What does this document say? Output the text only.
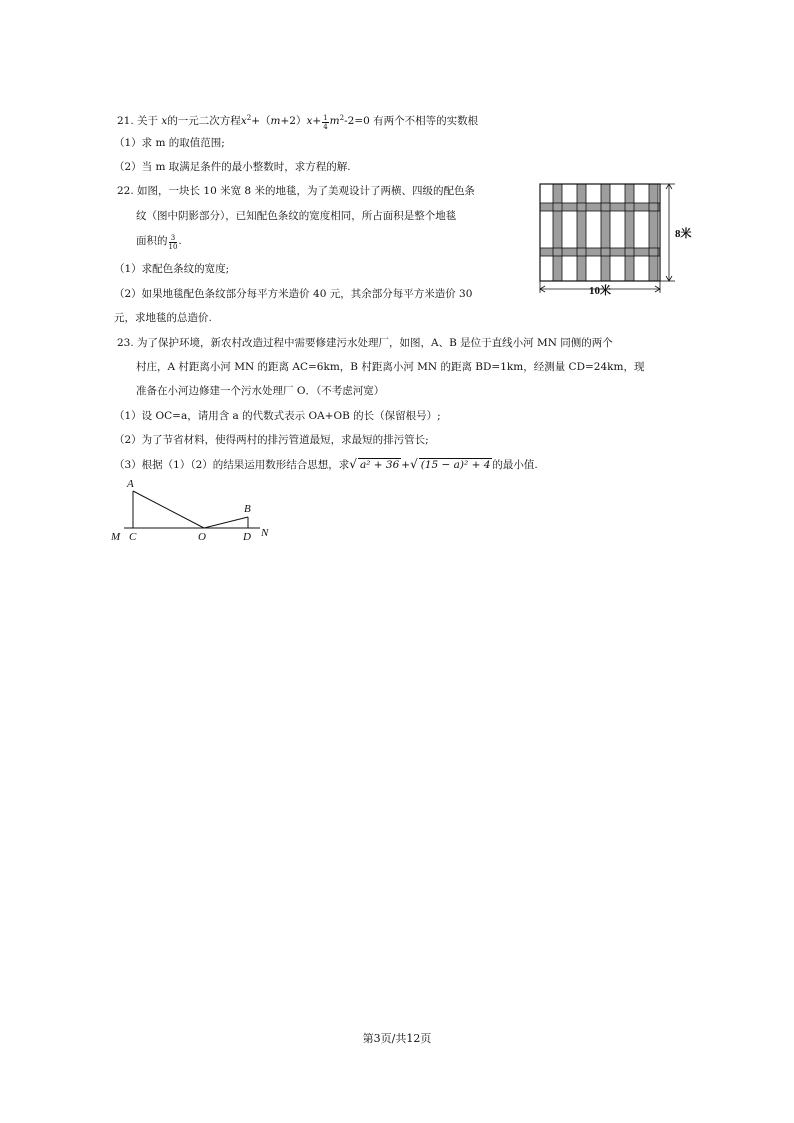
21. 关于 x的一元二次方程$x^2+(m+2)x+ \frac{1}{4} m^2-2=0$ 有两个不相等的实数根
（1）求 m 的取值范围;
（2）当 m 取满足条件的最小整数时，求方程的解.
22. 如图，一块长 10 米宽 8 米的地毯，为了美观设计了两横、四级的配色条
纹（图中阴影部分），已知配色条纹的宽度相同，所占面积是整个地毯
面积的 $\frac{3}{10}$ .
（1）求配色条纹的宽度;
（2）如果地毯配色条纹部分每平方米造价 40 元，其余部分每平方米造价 30
元，求地毯的总造价.
8米
10米
23. 为了保护环境，新农村改造过程中需要修建污水处理厂，如图，A、B 是位于直线小河 MN 同侧的两个
村庄，A 村距离小河 MN 的距离 AC=6km，B 村距离小河 MN 的距离 BD=1km，经测量 CD=24km，现
准备在小河边修建一个污水处理厂 O．（不考虑河宽）
（1）设 OC=a，请用含 a 的代数式表示 OA+OB 的长（保留根号）;
（2）为了节省材料，使得两村的排污管道最短，求最短的排污管长;
（3）根据（1）（2）的结果运用数形结合思想，求√ a² + 36 +√ (15 − a)² + 4 的最小值.
A
B
M C	O	D N
第3页/共12页
